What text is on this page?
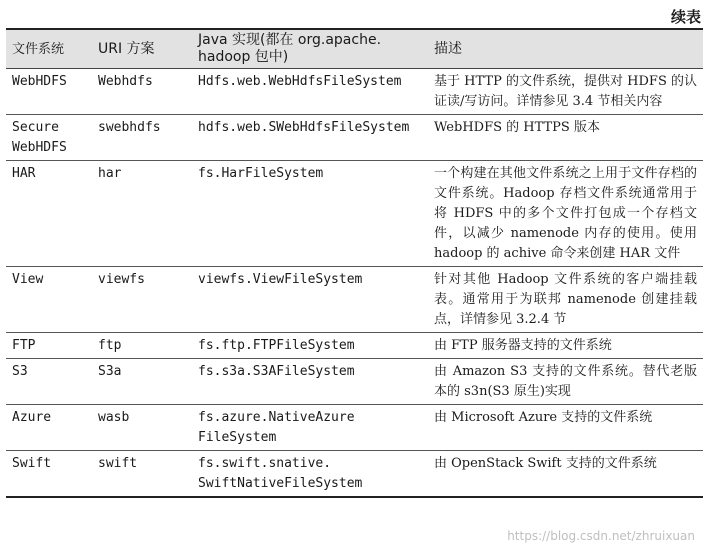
续表
文件系统	URI 方案	Java 实现(都在 org.apache. hadoop 包中)	描述
WebHDFS	Webhdfs	Hdfs.web.WebHdfsFileSystem	基于 HTTP 的文件系统，提供对 HDFS 的认证读/写访问。详情参见 3.4 节相关内容
Secure WebHDFS	swebhdfs	hdfs.web.SWebHdfsFileSystem	WebHDFS 的 HTTPS 版本
HAR	har	fs.HarFileSystem	一个构建在其他文件系统之上用于文件存档的文件系统。Hadoop 存档文件系统通常用于将 HDFS 中的多个文件打包成一个存档文件，以减少 namenode 内存的使用。使用 hadoop 的 achive 命令来创建 HAR 文件
View	viewfs	viewfs.ViewFileSystem	针对其他 Hadoop 文件系统的客户端挂载表。通常用于为联邦 namenode 创建挂载点，详情参见 3.2.4 节
FTP	ftp	fs.ftp.FTPFileSystem	由 FTP 服务器支持的文件系统
S3	S3a	fs.s3a.S3AFileSystem	由 Amazon S3 支持的文件系统。替代老版本的 s3n(S3 原生)实现
Azure	wasb	fs.azure.NativeAzure FileSystem	由 Microsoft Azure 支持的文件系统
Swift	swift	fs.swift.snative. SwiftNativeFileSystem	由 OpenStack Swift 支持的文件系统
https://blog.csdn.net/zhruixuan
